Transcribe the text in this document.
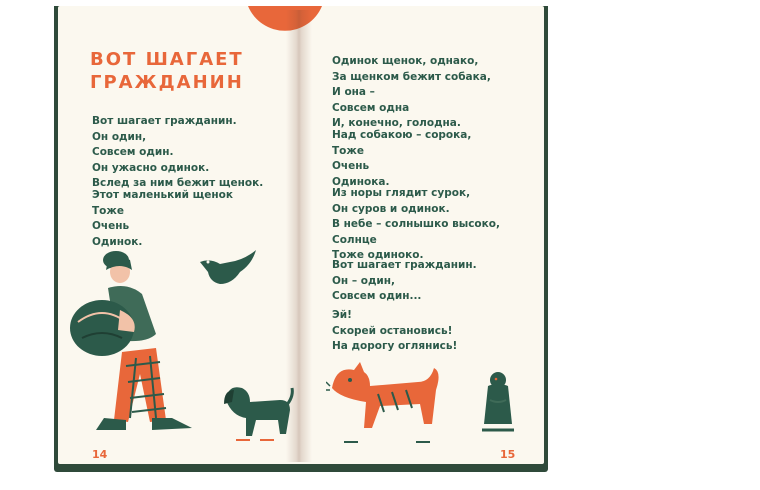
ВОТ ШАГАЕТ
ГРАЖДАНИН

Вот шагает гражданин.
Он один,
Совсем один.
Он ужасно одинок.
Вслед за ним бежит щенок.

Этот маленький щенок
Тоже
Очень
Одинок.

Одинок щенок, однако,
За щенком бежит собака,
И она –
Совсем одна
И, конечно, голодна.

Над собакою – сорока,
Тоже
Очень
Одинока.

Из норы глядит сурок,
Он суров и одинок.
В небе – солнышко высоко,
Солнце
Тоже одиноко.

Вот шагает гражданин.
Он – один,
Совсем один...

Эй!
Скорей остановись!
На дорогу оглянись!

14	15
